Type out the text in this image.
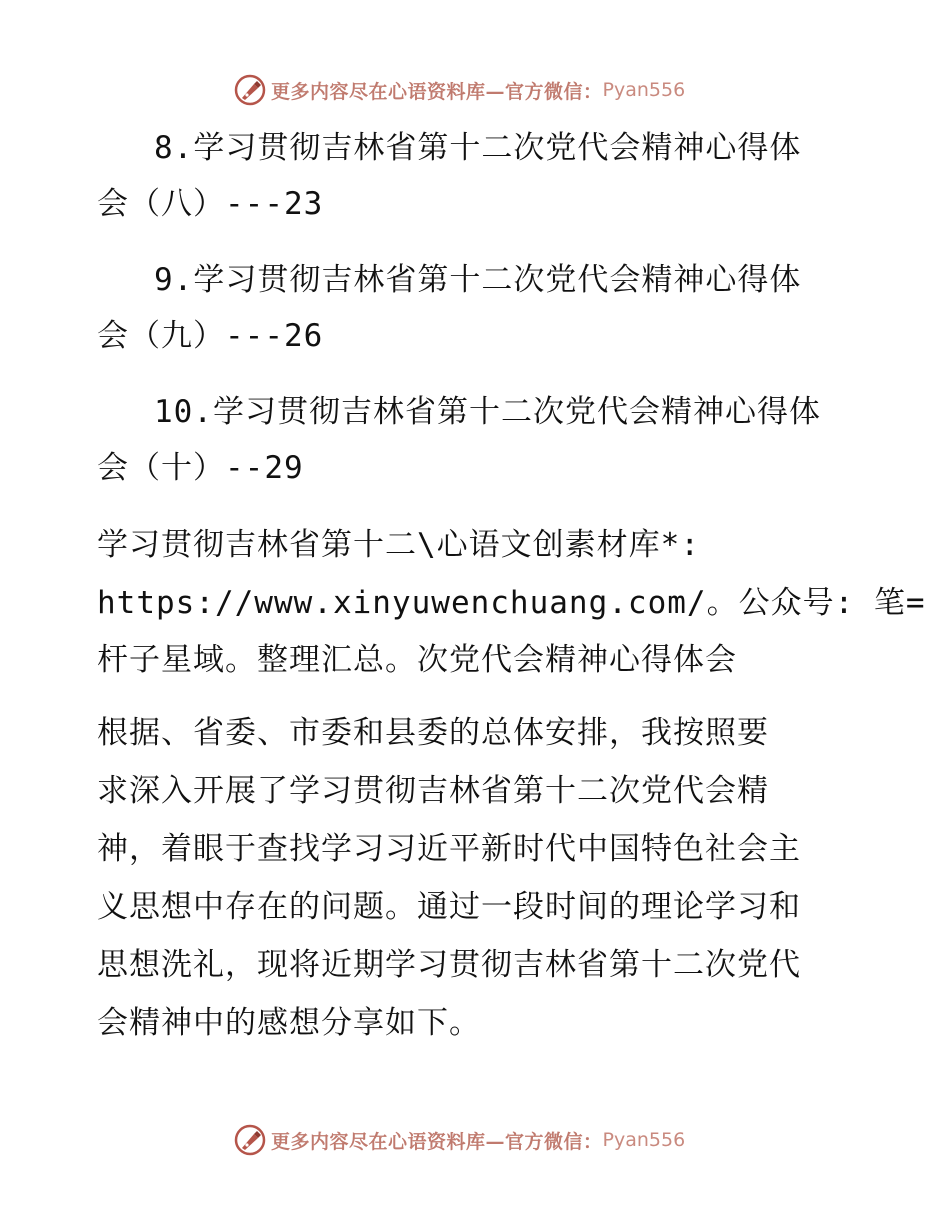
更多内容尽在心语资料库—官方微信： Pyan556
8.学习贯彻吉林省第十二次党代会精神心得体
会（八）---23
9.学习贯彻吉林省第十二次党代会精神心得体
会（九）---26
10.学习贯彻吉林省第十二次党代会精神心得体
会（十）--29
学习贯彻吉林省第十二\心语文创素材库*:
https://www.xinyuwenchuang.com/。公众号: 笔=
杆子星域。整理汇总。次党代会精神心得体会
根据、省委、市委和县委的总体安排，我按照要
求深入开展了学习贯彻吉林省第十二次党代会精
神，着眼于查找学习习近平新时代中国特色社会主
义思想中存在的问题。通过一段时间的理论学习和
思想洗礼，现将近期学习贯彻吉林省第十二次党代
会精神中的感想分享如下。
更多内容尽在心语资料库—官方微信： Pyan556
